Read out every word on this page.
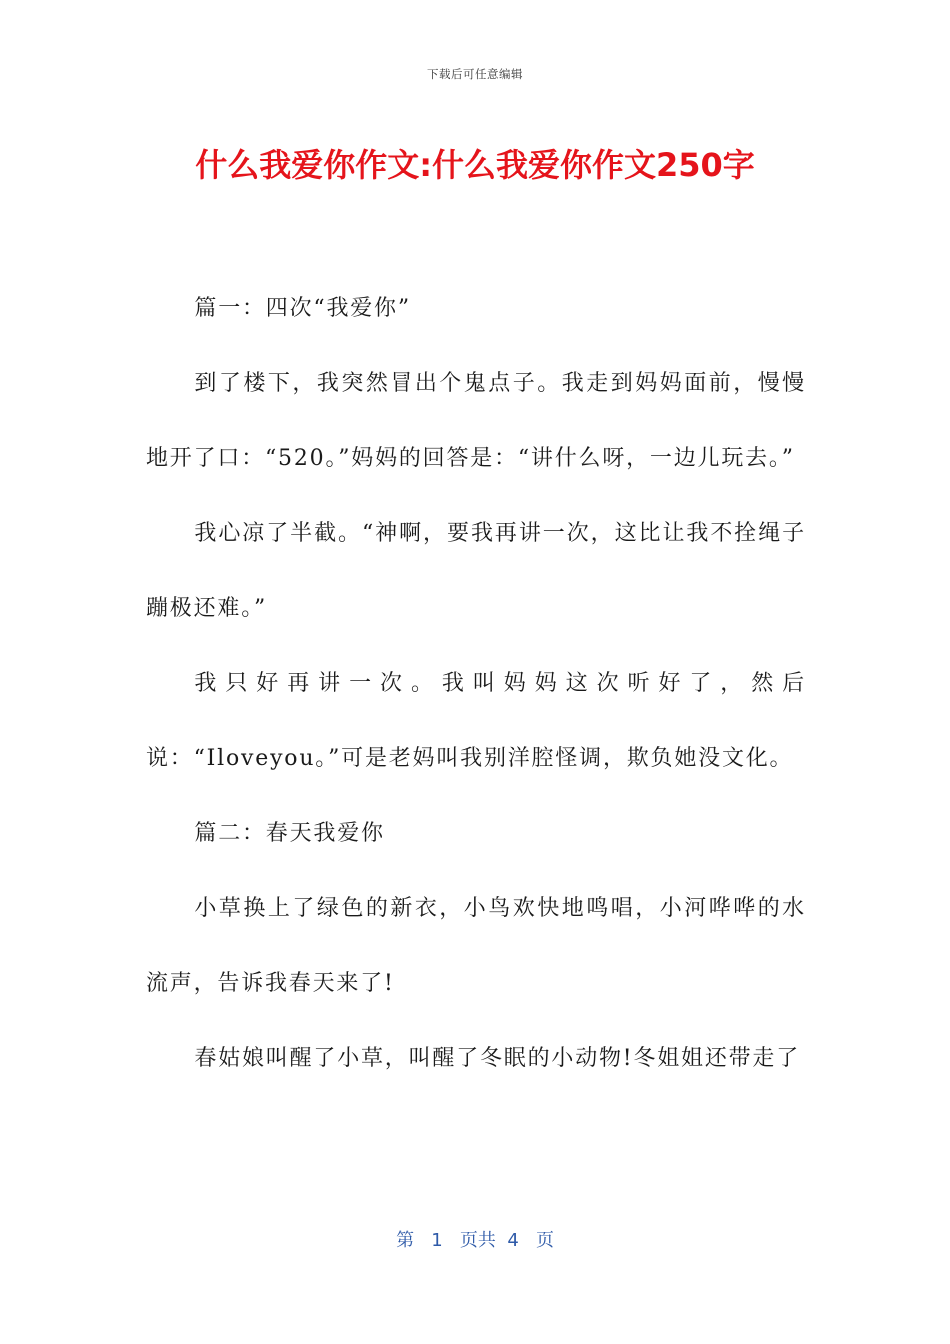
下载后可任意编辑
什么我爱你作文:什么我爱你作文250字

篇一：四次“我爱你”

到了楼下，我突然冒出个鬼点子。我走到妈妈面前，慢慢地开了口：“520。”妈妈的回答是：“讲什么呀，一边儿玩去。”

我心凉了半截。“神啊，要我再讲一次，这比让我不拴绳子蹦极还难。”

我只好再讲一次。我叫妈妈这次听好了，然后说：“Iloveyou。”可是老妈叫我别洋腔怪调，欺负她没文化。

篇二：春天我爱你

小草换上了绿色的新衣，小鸟欢快地鸣唱，小河哗哗的水流声，告诉我春天来了!

春姑娘叫醒了小草，叫醒了冬眠的小动物!冬姐姐还带走了

第 1 页共 4 页
